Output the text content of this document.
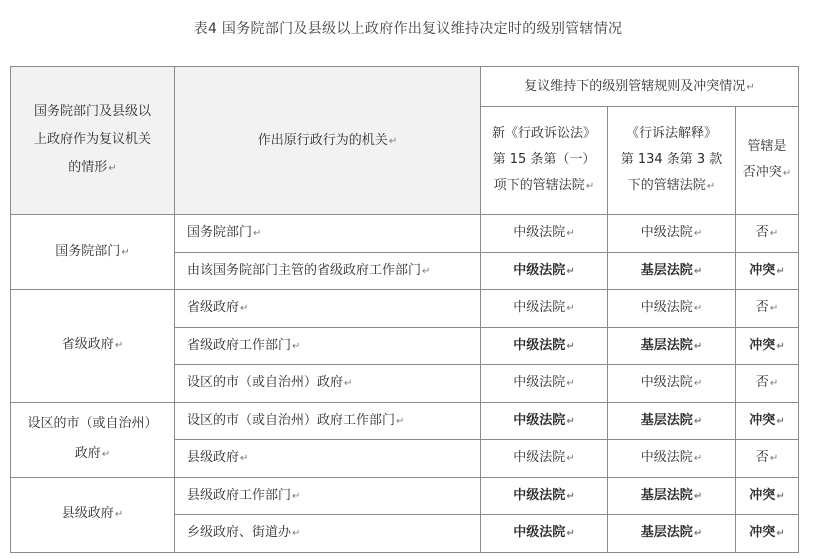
表4 国务院部门及县级以上政府作出复议维持决定时的级别管辖情况
国务院部门及县级以
上政府作为复议机关
的情形↵	作出原行政行为的机关↵	复议维持下的级别管辖规则及冲突情况↵		
		新《行政诉讼法》
第 15 条第（一）
项下的管辖法院↵	《行诉法解释》
第 134 条第 3 款
下的管辖法院↵	管辖是
否冲突↵
国务院部门↵	国务院部门↵	中级法院↵	中级法院↵	否↵
	由该国务院部门主管的省级政府工作部门↵	中级法院↵	基层法院↵	冲突↵
省级政府↵	省级政府↵	中级法院↵	中级法院↵	否↵
	省级政府工作部门↵	中级法院↵	基层法院↵	冲突↵
	设区的市（或自治州）政府↵	中级法院↵	中级法院↵	否↵
设区的市（或自治州）
政府↵	设区的市（或自治州）政府工作部门↵	中级法院↵	基层法院↵	冲突↵
	县级政府↵	中级法院↵	中级法院↵	否↵
县级政府↵	县级政府工作部门↵	中级法院↵	基层法院↵	冲突↵
	乡级政府、街道办↵	中级法院↵	基层法院↵	冲突↵
